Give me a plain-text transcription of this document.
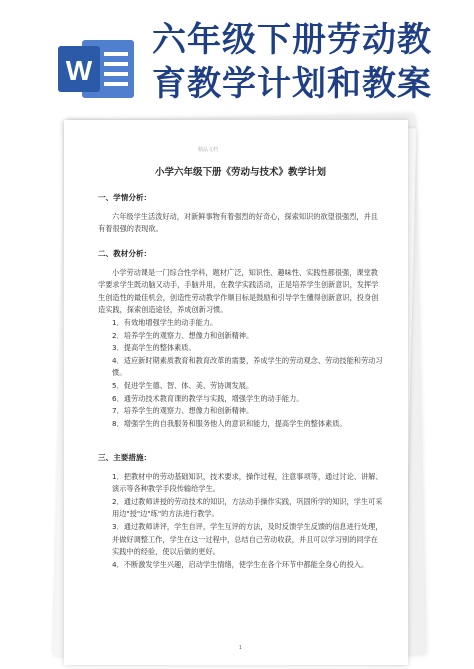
W
六年级下册劳动教
育教学计划和教案
精品文档
小学六年级下册《劳动与技术》教学计划
一、学情分析：
六年级学生活泼好动，对新鲜事物有着强烈的好奇心，探索知识的欲望很强烈，并且有着很强的表现欲。
二、教材分析：
小学劳动课是一门综合性学科，题材广泛，知识性、趣味性、实践性都很强，课堂教学要求学生既动脑又动手，手脑并用，在教学实践活动，正是培养学生创新意识，发挥学生创造性的最佳机会，创造性劳动教学作顺目标是鼓励和引导学生懂得创新意识，投身创造实践，探索创造途径，养成创新习惯。
1．有效地增强学生的动手能力。
2．培养学生的观察力、想像力和创新精神。
3．提高学生的整体素质。
4．适应新时期素质教育和教育改革的需要，养成学生的劳动观念、劳动技能和劳动习惯。
5．促进学生德、智、体、美、劳协调发展。
6．通劳动技术教育课的教学与实践，增强学生的动手能力。
7．培养学生的观察力、想像力和创新精神。
8．增强学生的自我服务和服务他人的意识和能力，提高学生的整体素质。
三、主要措施：
1．把教材中的劳动基础知识，技术要求，操作过程，注意事项等，通过讨论、讲解、演示等各种教学手段传输给学生。
2．通过教师讲授的劳动技术的知识，方法动手操作实践，巩固所学的知识，学生可采用边"授"边"练"的方法进行教学。
3．通过教师讲评，学生自评，学生互评的方法，及时反馈学生反馈的信息进行处理，并做好调整工作，学生在这一过程中，总结自己劳动收获，并且可以学习别的同学在实践中的经验，使以后做的更好。
4．不断激发学生兴趣，启动学生情绪，使学生在各个环节中都能全身心的投入。
1
